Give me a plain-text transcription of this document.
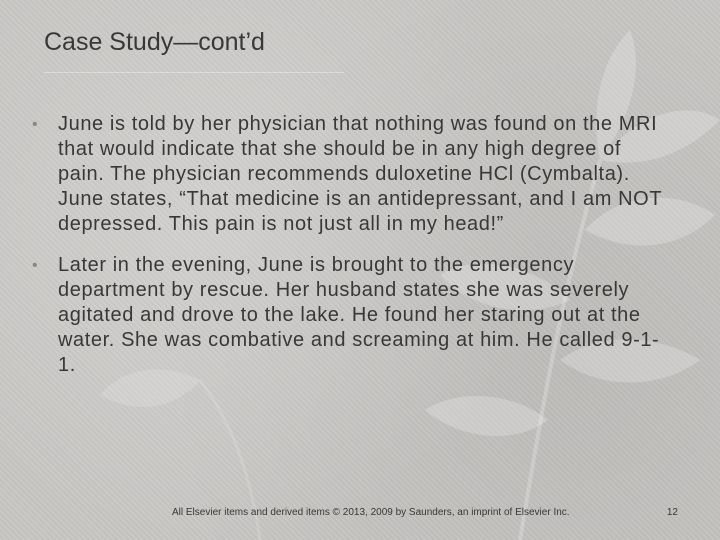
Case Study—cont’d
• June is told by her physician that nothing was found on the MRI that would indicate that she should be in any high degree of pain. The physician recommends duloxetine HCl (Cymbalta). June states, “That medicine is an antidepressant, and I am NOT depressed. This pain is not just all in my head!”
• Later in the evening, June is brought to the emergency department by rescue. Her husband states she was severely agitated and drove to the lake. He found her staring out at the water. She was combative and screaming at him. He called 9-1-1.
All Elsevier items and derived items © 2013, 2009 by Saunders, an imprint of Elsevier Inc.	12
